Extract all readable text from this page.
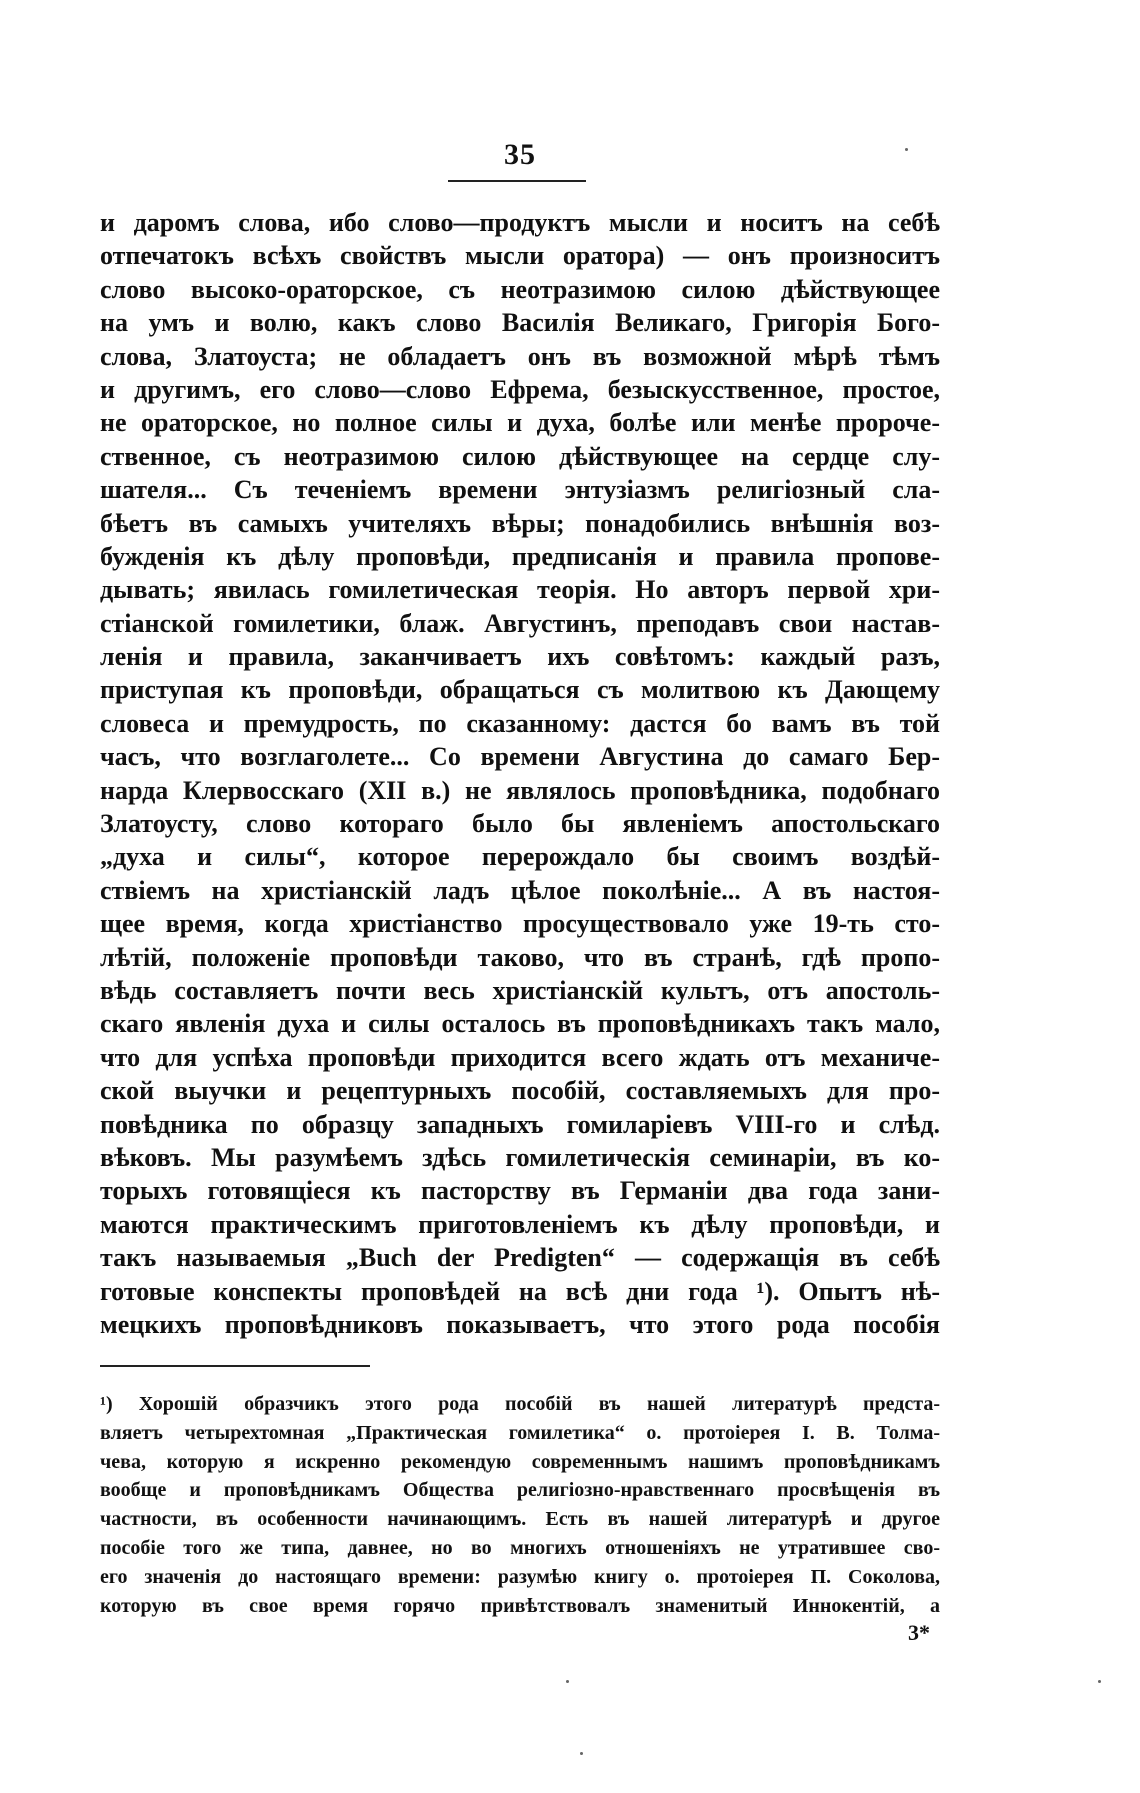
35
и даромъ слова, ибо слово—продуктъ мысли и носитъ на себѣ
отпечатокъ всѣхъ свойствъ мысли оратора) — онъ произноситъ
слово высоко-ораторское, съ неотразимою силою дѣйствующее
на умъ и волю, какъ слово Василія Великаго, Григорія Бого-
слова, Златоуста; не обладаетъ онъ въ возможной мѣрѣ тѣмъ
и другимъ, его слово—слово Ефрема, безыскусственное, простое,
не ораторское, но полное силы и духа, болѣе или менѣе пророче-
ственное, съ неотразимою силою дѣйствующее на сердце слу-
шателя... Съ теченіемъ времени энтузіазмъ религіозный сла-
бѣетъ въ самыхъ учителяхъ вѣры; понадобились внѣшнія воз-
бужденія къ дѣлу проповѣди, предписанія и правила пропове-
дывать; явилась гомилетическая теорія. Но авторъ первой хри-
стіанской гомилетики, блаж. Августинъ, преподавъ свои настав-
ленія и правила, заканчиваетъ ихъ совѣтомъ: каждый разъ,
приступая къ проповѣди, обращаться съ молитвою къ Дающему
словеса и премудрость, по сказанному: дастся бо вамъ въ той
часъ, что возглаголете... Со времени Августина до самаго Бер-
нарда Клервосскаго (XII в.) не являлось проповѣдника, подобнаго
Златоусту, слово котораго было бы явленіемъ апостольскаго
„духа и силы“, которое перерождало бы своимъ воздѣй-
ствіемъ на христіанскій ладъ цѣлое поколѣніе... А въ настоя-
щее время, когда христіанство просуществовало уже 19-ть сто-
лѣтій, положеніе проповѣди таково, что въ странѣ, гдѣ пропо-
вѣдь составляетъ почти весь христіанскій культъ, отъ апостоль-
скаго явленія духа и силы осталось въ проповѣдникахъ такъ мало,
что для успѣха проповѣди приходится всего ждать отъ механиче-
ской выучки и рецептурныхъ пособій, составляемыхъ для про-
повѣдника по образцу западныхъ гомиларіевъ VIII-го и слѣд.
вѣковъ. Мы разумѣемъ здѣсь гомилетическія семинаріи, въ ко-
торыхъ готовящіеся къ пасторству въ Германіи два года зани-
маются практическимъ приготовленіемъ къ дѣлу проповѣди, и
такъ называемыя „Buch der Predigten“ — содержащія въ себѣ
готовые конспекты проповѣдей на всѣ дни года ¹). Опытъ нѣ-
мецкихъ проповѣдниковъ показываетъ, что этого рода пособія
¹) Хорошій образчикъ этого рода пособій въ нашей литературѣ предста-
вляетъ четырехтомная „Практическая гомилетика“ о. протоіерея І. В. Толма-
чева, которую я искренно рекомендую современнымъ нашимъ проповѣдникамъ
вообще и проповѣдникамъ Общества религіозно-нравственнаго просвѣщенія въ
частности, въ особенности начинающимъ. Есть въ нашей литературѣ и другое
пособіе того же типа, давнее, но во многихъ отношеніяхъ не утратившее сво-
его значенія до настоящаго времени: разумѣю книгу о. протоіерея П. Соколова,
которую въ свое время горячо привѣтствовалъ знаменитый Иннокентій, а
3*
